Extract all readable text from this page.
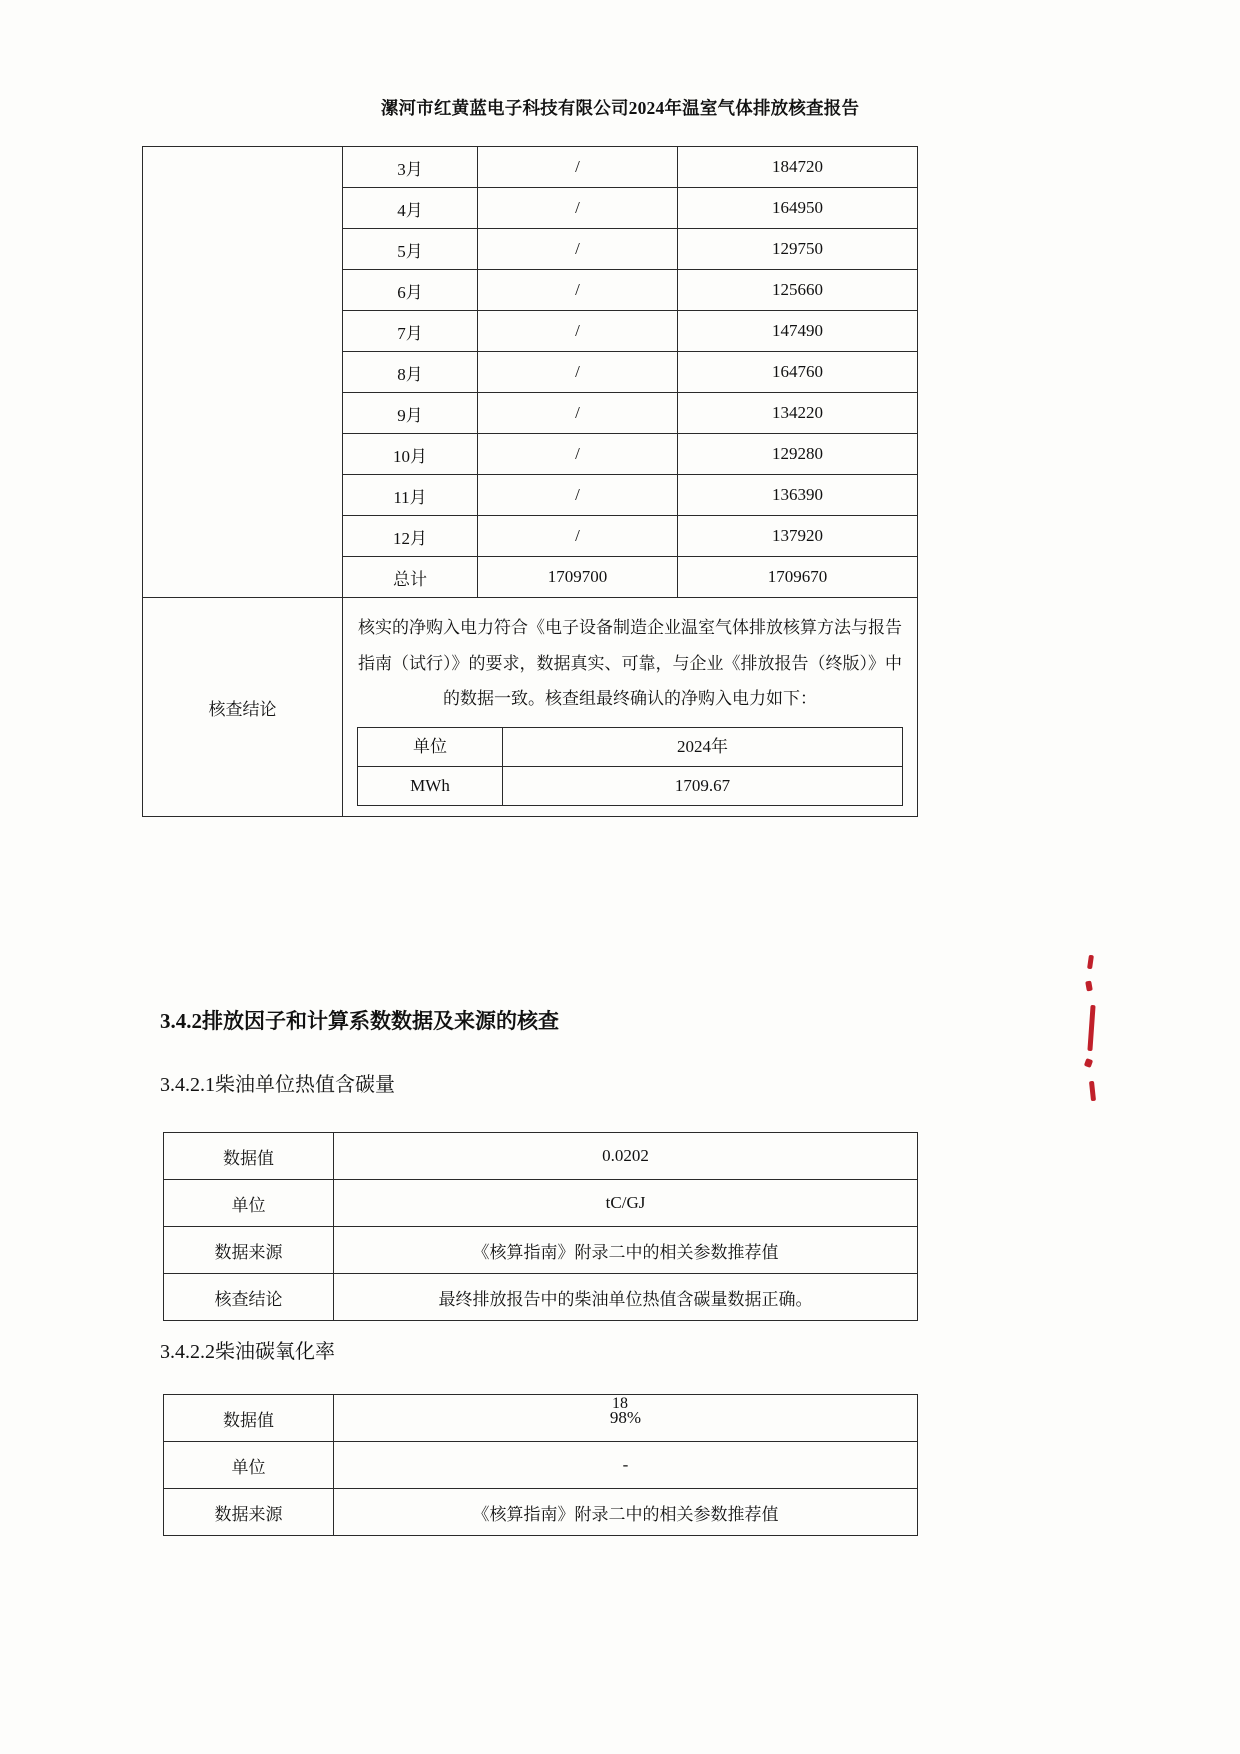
漯河市红黄蓝电子科技有限公司2024年温室气体排放核查报告
	3月	/	184720
4月	/	164950
5月	/	129750
6月	/	125660
7月	/	147490
8月	/	164760
9月	/	134220
10月	/	129280
11月	/	136390
12月	/	137920
总计	1709700	1709670
核查结论	核实的净购入电力符合《电子设备制造企业温室气体排放核算方法与报告指南（试行）》的要求，数据真实、可靠，与企业《排放报告（终版）》中的数据一致。核查组最终确认的净购入电力如下：
单位	2024年
MWh	1709.67
3.4.2排放因子和计算系数数据及来源的核查
3.4.2.1柴油单位热值含碳量
数据值	0.0202
单位	tC/GJ
数据来源	《核算指南》附录二中的相关参数推荐值
核查结论	最终排放报告中的柴油单位热值含碳量数据正确。
3.4.2.2柴油碳氧化率
数据值	98%
单位	-
数据来源	《核算指南》附录二中的相关参数推荐值
18
